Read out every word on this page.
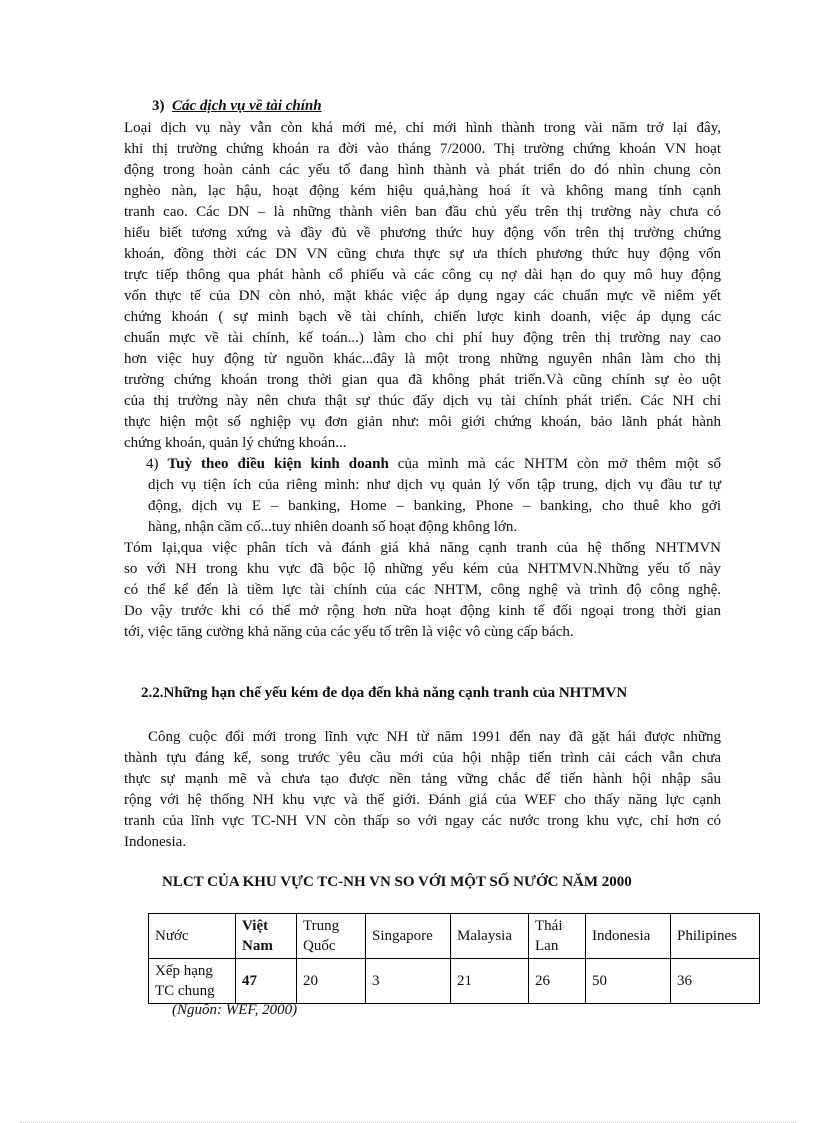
3) Các dịch vụ về tài chính
Loại dịch vụ này vẫn còn khá mới mẻ, chỉ mới hình thành trong vài năm trở lại đây,
khi thị trường chứng khoán ra đời vào tháng 7/2000. Thị trường chứng khoán VN hoạt
động trong hoàn cảnh các yếu tố đang hình thành và phát triển do đó nhìn chung còn
nghèo nàn, lạc hậu, hoạt động kém hiệu quả,hàng hoá ít và không mang tính cạnh
tranh cao. Các DN – là những thành viên ban đầu chủ yếu trên thị trường này chưa có
hiểu biết tương xứng và đầy đủ về phương thức huy động vốn trên thị trường chứng
khoán, đồng thời các DN VN cũng chưa thực sự ưa thích phương thức huy động vốn
trực tiếp thông qua phát hành cổ phiếu và các công cụ nợ dài hạn do quy mô huy động
vốn thực tế của DN còn nhỏ, mặt khác việc áp dụng ngay các chuẩn mực về niêm yết
chứng khoán ( sự minh bạch về tài chính, chiến lược kinh doanh, việc áp dụng các
chuẩn mực về tài chính, kế toán...) làm cho chi phí huy động trên thị trường nay cao
hơn việc huy động từ nguồn khác...đây là một trong những nguyên nhân làm cho thị
trường chứng khoán trong thời gian qua đã không phát triển.Và cũng chính sự èo uột
của thị trường này nên chưa thật sự thúc đẩy dịch vụ tài chính phát triển. Các NH chỉ
thực hiện một số nghiệp vụ đơn giản như: môi giới chứng khoán, bảo lãnh phát hành
chứng khoán, quản lý chứng khoán...
4) Tuỳ theo điều kiện kinh doanh của mình mà các NHTM còn mở thêm một số
dịch vụ tiện ích của riêng mình: như dịch vụ quản lý vốn tập trung, dịch vụ đầu tư tự
động, dịch vụ E – banking, Home – banking, Phone – banking, cho thuê kho gởi
hàng, nhận cầm cố...tuy nhiên doanh số hoạt động không lớn.
Tóm lại,qua việc phân tích và đánh giá khả năng cạnh tranh của hệ thống NHTMVN
so với NH trong khu vực đã bộc lộ những yếu kém của NHTMVN.Những yếu tố này
có thể kể đến là tiềm lực tài chính của các NHTM, công nghệ và trình độ công nghệ.
Do vậy trước khi có thể mở rộng hơn nữa hoạt động kinh tế đối ngoại trong thời gian
tới, việc tăng cường khả năng của các yếu tố trên là việc vô cùng cấp bách.
2.2.Những hạn chế yếu kém đe dọa đến khả năng cạnh tranh của NHTMVN
Công cuộc đổi mới trong lĩnh vực NH từ năm 1991 đến nay đã gặt hái được những
thành tựu đáng kể, song trước yêu cầu mới của hội nhập tiến trình cải cách vẫn chưa
thực sự mạnh mẽ và chưa tạo được nền tảng vững chắc để tiến hành hội nhập sâu
rộng với hệ thống NH khu vực và thế giới. Đánh giá của WEF cho thấy năng lực cạnh
tranh của lĩnh vực TC-NH VN còn thấp so với ngay các nước trong khu vực, chỉ hơn có
Indonesia.
NLCT CỦA KHU VỰC TC-NH VN SO VỚI MỘT SỐ NƯỚC NĂM 2000
Nước	Việt Nam	Trung Quốc	Singapore	Malaysia	Thái Lan	Indonesia	Philipines
Xếp hạng TC chung	47	20	3	21	26	50	36
(Nguồn: WEF, 2000)
